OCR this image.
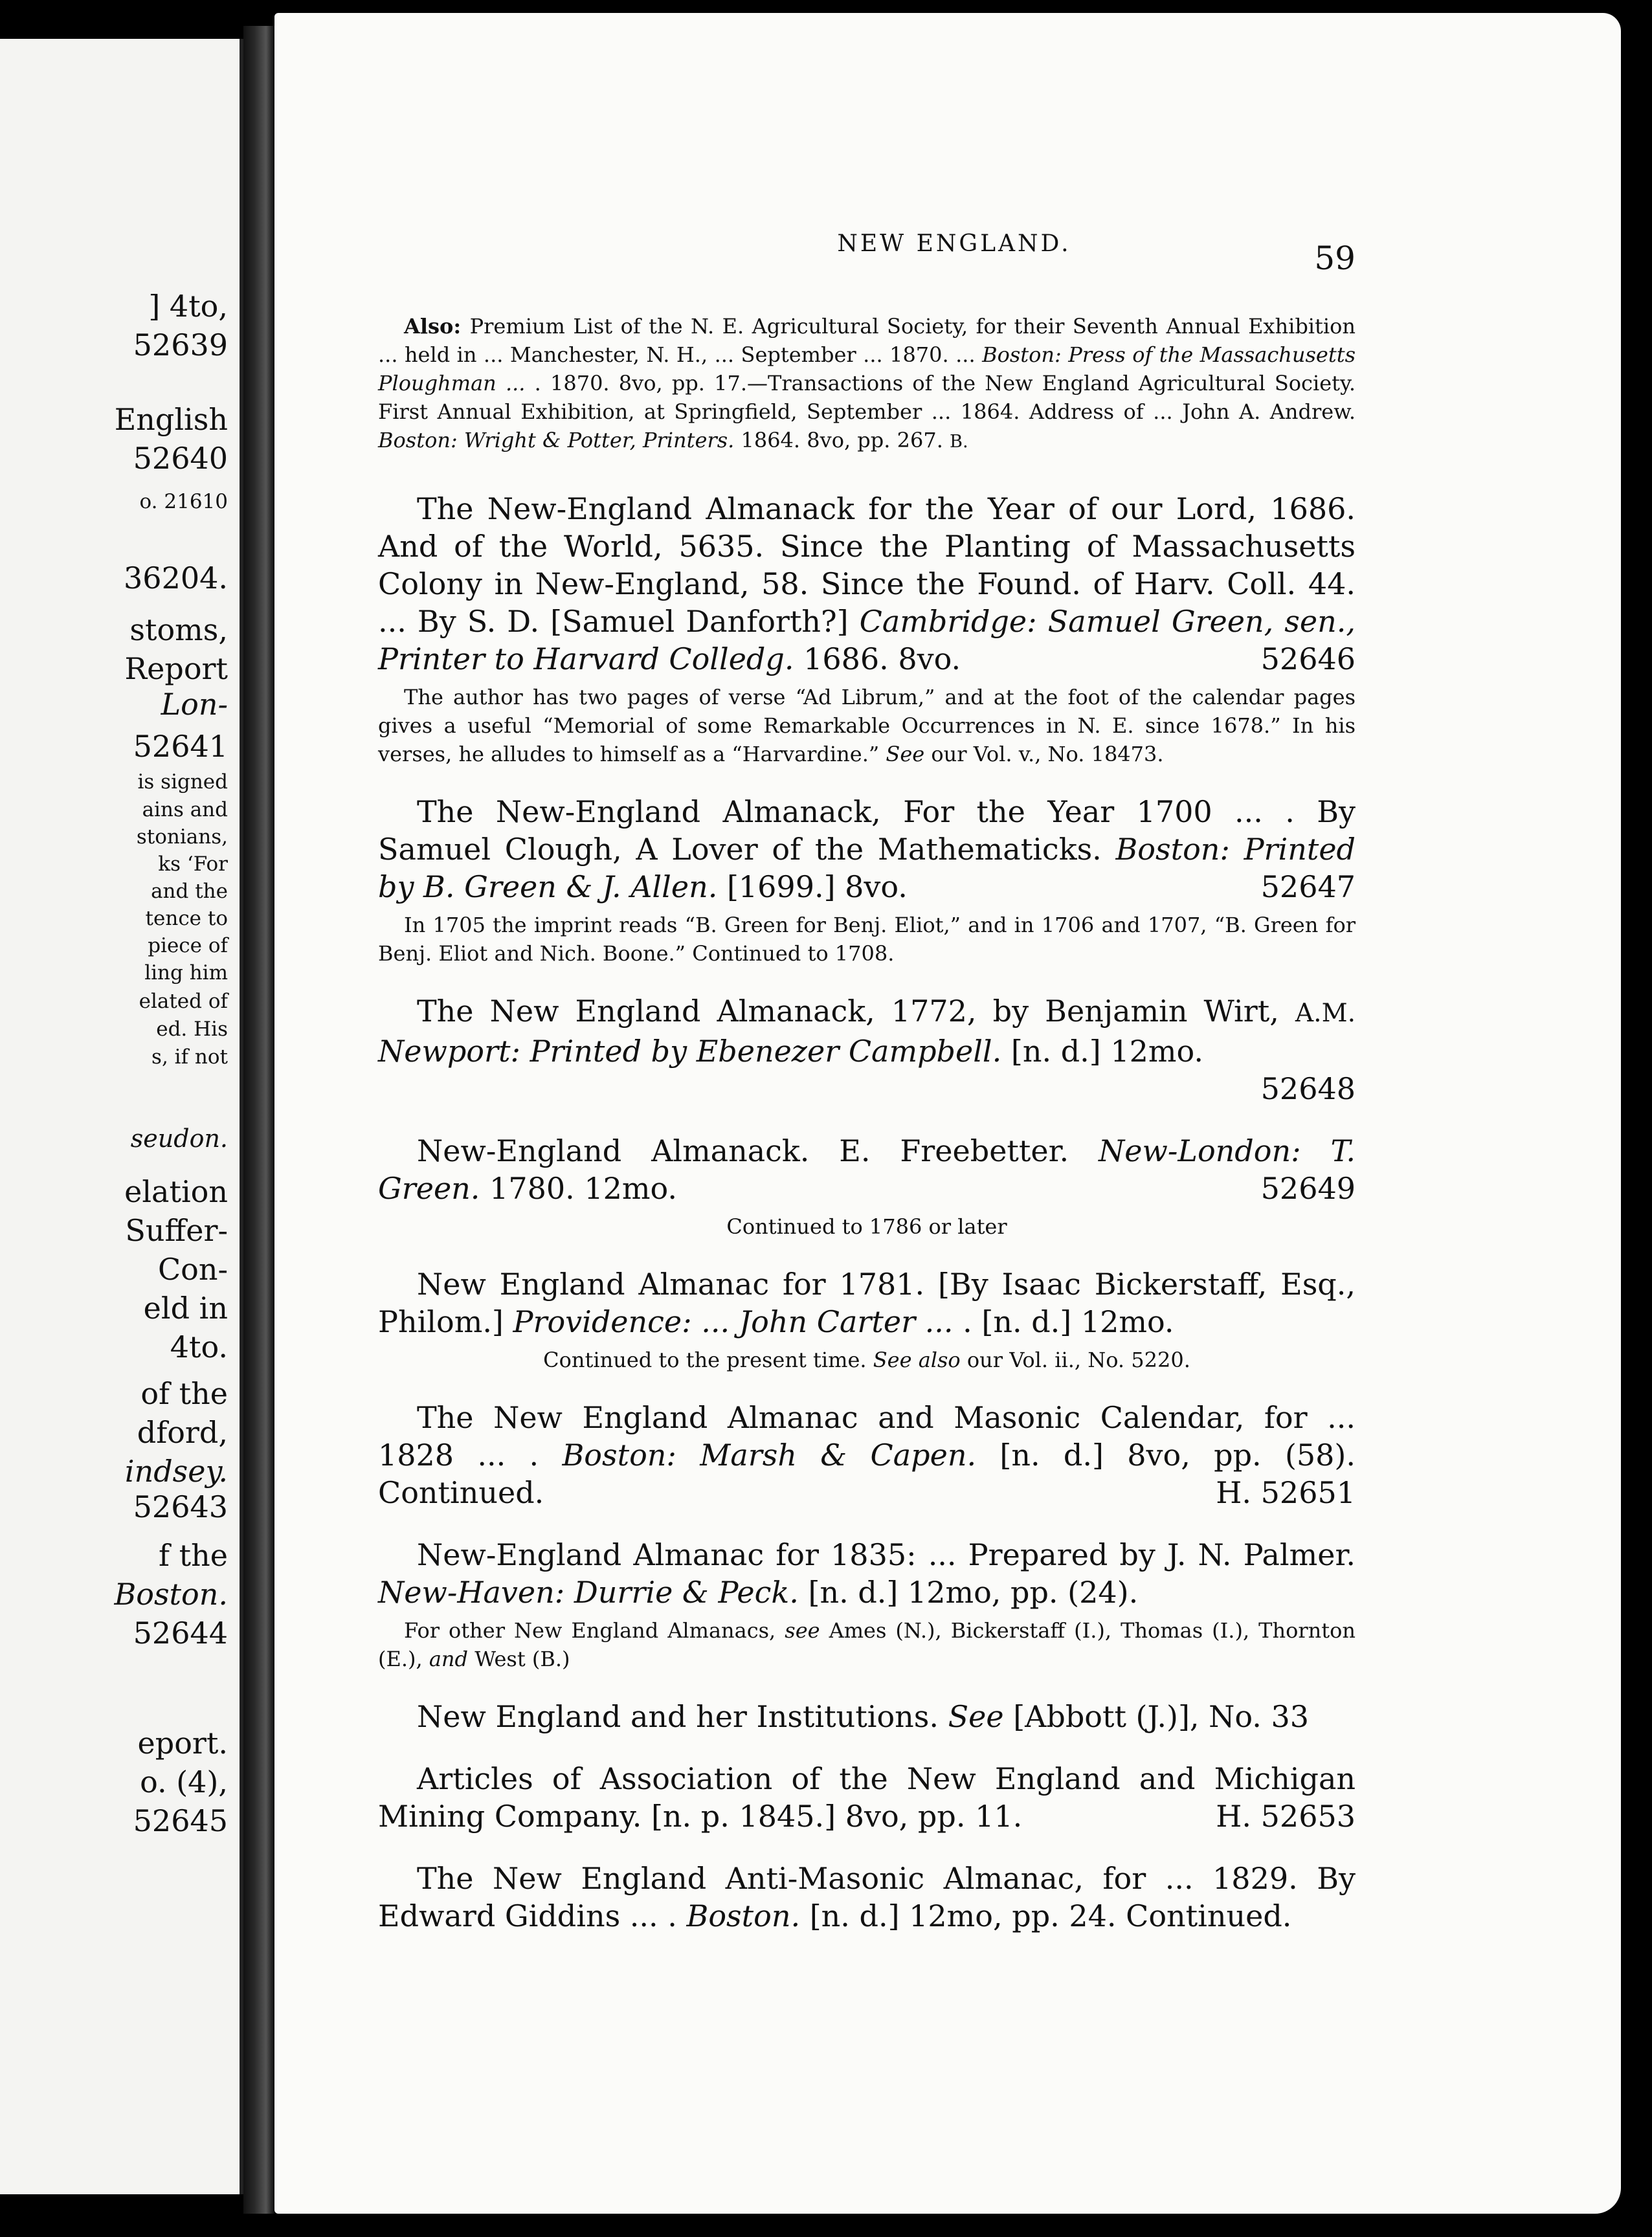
] 4to,
52639
English
52640
o. 21610
36204.
stoms,
Report
Lon-
52641
is signed
ains and
stonians,
ks ‘For
and the
tence to
piece of
ling him
elated of
ed. His
s, if not
seudon.
elation
Suffer-
Con-
eld in
4to.
of the
dford,
indsey.
52643
f the
Boston.
52644
eport.
o. (4),
52645
NEW ENGLAND.	59

Also: Premium List of the N. E. Agricultural Society, for their Seventh Annual Exhibition ... held in ... Manchester, N. H., ... September ... 1870. ... Boston: Press of the Massachusetts Ploughman ... . 1870. 8vo, pp. 17.—Transactions of the New England Agricultural Society. First Annual Exhibition, at Springfield, September ... 1864. Address of ... John A. Andrew. Boston: Wright & Potter, Printers. 1864. 8vo, pp. 267. B.

The New-England Almanack for the Year of our Lord, 1686. And of the World, 5635. Since the Planting of Massachusetts Colony in New-England, 58. Since the Found. of Harv. Coll. 44. ... By S. D. [Samuel Danforth?] Cambridge: Samuel Green, sen., Printer to Harvard Colledg. 1686. 8vo.	52646

The author has two pages of verse “Ad Librum,” and at the foot of the calendar pages gives a useful “Memorial of some Remarkable Occurrences in N. E. since 1678.” In his verses, he alludes to himself as a “Harvardine.” See our Vol. v., No. 18473.

The New-England Almanack, For the Year 1700 ... . By Samuel Clough, A Lover of the Mathematicks. Boston: Printed by B. Green & J. Allen. [1699.] 8vo.	52647

In 1705 the imprint reads “B. Green for Benj. Eliot,” and in 1706 and 1707, “B. Green for Benj. Eliot and Nich. Boone.” Continued to 1708.

The New England Almanack, 1772, by Benjamin Wirt, A.M. Newport: Printed by Ebenezer Campbell. [n. d.] 12mo.
52648

New-England Almanack. E. Freebetter. New-London: T. Green. 1780. 12mo.	52649

Continued to 1786 or later

New England Almanac for 1781. [By Isaac Bickerstaff, Esq., Philom.] Providence: ... John Carter ... . [n. d.] 12mo.

Continued to the present time. See also our Vol. ii., No. 5220.

The New England Almanac and Masonic Calendar, for ... 1828 ... . Boston: Marsh & Capen. [n. d.] 8vo, pp. (58). Continued.	H. 52651

New-England Almanac for 1835: ... Prepared by J. N. Palmer. New-Haven: Durrie & Peck. [n. d.] 12mo, pp. (24).

For other New England Almanacs, see Ames (N.), Bickerstaff (I.), Thomas (I.), Thornton (E.), and West (B.)

New England and her Institutions. See [Abbott (J.)], No. 33

Articles of Association of the New England and Michigan Mining Company. [n. p. 1845.] 8vo, pp. 11.	H. 52653

The New England Anti-Masonic Almanac, for ... 1829. By Edward Giddins ... . Boston. [n. d.] 12mo, pp. 24. Continued.
